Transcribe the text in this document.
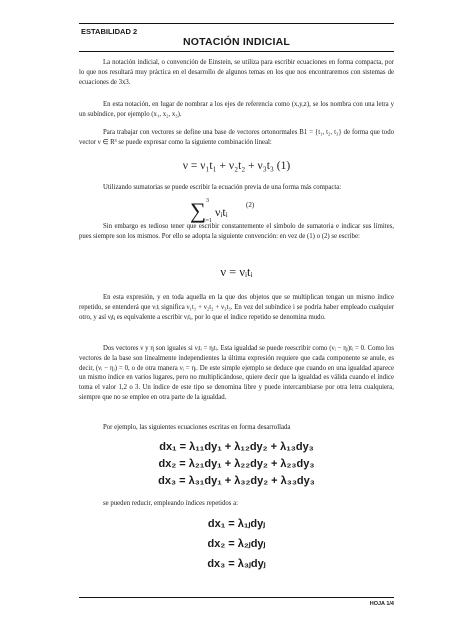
ESTABILIDAD 2
NOTACIÓN INDICIAL

La notación indicial, o convención de Einstein, se utiliza para escribir ecuaciones en forma compacta, por lo que nos resultará muy práctica en el desarrollo de algunos temas en los que nos encontraremos con sistemas de ecuaciones de 3x3.

En esta notación, en lugar de nombrar a los ejes de referencia como (x,y,z), se los nombra con una letra y un subíndice, por ejemplo (x₁, x₂, x₃).

Para trabajar con vectores se define una base de vectores ortonormales B1 = {t₁, t₂, t₃} de forma que todo vector ν ∈ R³ se puede expresar como la siguiente combinación lineal:

ν = ν₁t₁ + ν₂t₂ + ν₃t₃ (1)

Utilizando sumatorias se puede escribir la ecuación previa de una forma más compacta:

∑ 3
i=1
νᵢtᵢ	(2)

Sin embargo es tedioso tener que escribir constantemente el símbolo de sumatoria e indicar sus límites, pues siempre son los mismos. Por ello se adopta la siguiente convención: en vez de (1) o (2) se escribe:

ν = νᵢtᵢ

En esta expresión, y en toda aquella en la que dos objetos que se multiplican tengan un mismo índice repetido, se entenderá que νᵢtᵢ significa ν₁t₁ + ν₂t₂ + ν₃t₃. En vez del subíndice i se podría haber empleado cualquier otro, y así νⱼtⱼ es equivalente a escribir νᵢtᵢ, por lo que el índice repetido se denomina mudo.

Dos vectores ν y η son iguales si νᵢtᵢ = ηᵢtᵢ. Esta igualdad se puede reescribir como (νᵢ − ηᵢ)tᵢ = 0. Como los vectores de la base son linealmente independientes la última expresión requiere que cada componente se anule, es decir, (νᵢ − ηᵢ) = 0, o de otra manera νᵢ = ηᵢ. De este simple ejemplo se deduce que cuando en una igualdad aparece un mismo índice en varios lugares, pero no multiplicándose, quiere decir que la igualdad es válida cuando el índice toma el valor 1,2 o 3. Un índice de este tipo se denomina libre y puede intercambiarse por otra letra cualquiera, siempre que no se emplee en otra parte de la igualdad.

Por ejemplo, las siguientes ecuaciones escritas en forma desarrollada

dx₁ = λ₁₁dy₁ + λ₁₂dy₂ + λ₁₃dy₃
dx₂ = λ₂₁dy₁ + λ₂₂dy₂ + λ₂₃dy₃
dx₃ = λ₃₁dy₁ + λ₃₂dy₂ + λ₃₃dy₃

se pueden reducir, empleando índices repetidos a:

dx₁ = λ₁ⱼdyⱼ
dx₂ = λ₂ⱼdyⱼ
dx₃ = λ₃ⱼdyⱼ
HOJA 1/4
